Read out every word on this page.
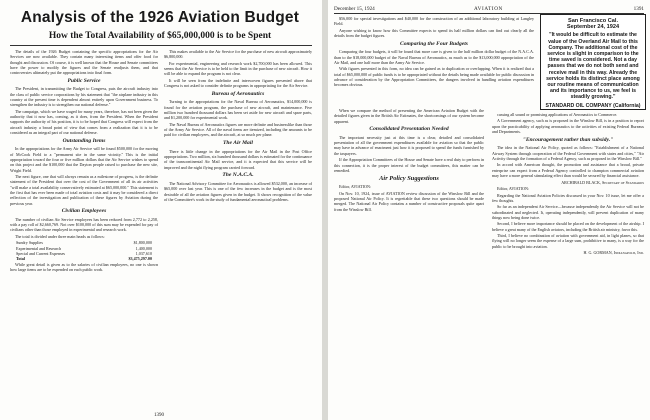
Analysis of the 1926 Aviation Budget
How the Total Availability of $65,000,000 is to be Spent

The details of the 1926 Budget containing the specific appropriations for the Air Services are now available. They contain many interesting items and offer food for thought and discussion. Of course, it is well known that the House and Senate committees have the power to modify the figures and the Senate readjusts them, and that controversies ultimately put the appropriations into final form.

Public Service

The President, in transmitting the Budget to Congress, puts the aircraft industry into the class of public service corporations by his statement that "the airplane industry in this country at the present time is dependent almost entirely upon Government business. To strengthen the industry is to strengthen our national defense."

The campaign, which we have waged for many years, therefore, has not been given the authority that it now has, coming, as it does, from the President. When the President supports the authority of his position, it is to be hoped that Congress will expect from the aircraft industry a broad point of view that comes from a realization that it is to be considered as an integral part of our national defense.

Outstanding Items

In the appropriations for the Army Air Service will be found $500,000 for the moving of McCook Field to a "permanent site in the same vicinity." This is the initial appropriation toward the four or five million dollars that the Air Service wishes to spend on this project and the $100,000 that the Dayton people raised to purchase the new site, Wright Field.

The next figure, one that will always remain as a milestone of progress, is the definite statement of the President that over the cost of the Government of all its air activities "will make a total availability conservatively estimated at $65,000,000." This statement is the first that has ever been made of total aviation costs and it may be considered a direct reflection of the investigation and publication of these figures by Aviation during the previous year.

Civilian Employees

The number of civilian Air Service employees has been reduced from 2,772 to 2,258, with a pay roll of $2,660,769. Not over $100,000 of this sum may be expended for pay of civilians other than those employed in experimental and research work.

The total is divided under three main heads as follows:

Sundry Supplies	$1,800,000
Experimental and Research	1,400,000
Special and Current Expenses	1,037,610
Total	$3,475,297.00

While great detail is given as to the salaries of civilian employees, no one is shown how large items are to be expended on each public work.

This makes available to the Air Service for the purchase of new aircraft approximately $6,800,000.

For experimental, engineering and research work $2,700,000 has been allowed. This seems that the Air Service is to be held to the limit in the purchase of new aircraft. How it will be able to expand the program is not clear.

It will be seen from the indefinite and interwoven figures presented above that Congress is not asked to consider definite programs in appropriating for the Air Service.

Bureau of Aeronautics

Turning to the appropriations for the Naval Bureau of Aeronautics, $14,000,000 is found for the aviation program, the purchase of new aircraft, and maintenance. Five million two hundred thousand dollars has been set aside for new aircraft and spare parts, and $1,200,000 for experimental work.

The Naval Bureau of Aeronautics figures are more definite and businesslike than those of the Army Air Service. All of the naval items are itemized, including the amounts to be paid for civilian employees, and the aircraft, at so much per plane.

The Air Mail

There is little change in the appropriations for the Air Mail in the Post Office appropriations. Two million, six hundred thousand dollars is estimated for the continuance of the transcontinental Air Mail service, and it is expected that this service will be improved and the night flying program carried forward.

The N.A.C.A.

The National Advisory Committee for Aeronautics is allowed $532,000, an increase of $65,000 over last year. This is one of the few increases in the budget and is the most desirable of all the aviation figures given in the budget. It shows recognition of the value of the Committee's work in the study of fundamental aeronautical problems.

1390
December 15, 1924	AVIATION	1391
San Francisco Cal.
September 24, 1924
"It would be difficult to estimate the value of the Overland Air Mail to this Company. The additional cost of the service is slight in comparison to the time saved is considered. Not a day passes that we do not both send and receive mail in this way. Already the service holds its distinct place among our routine means of communication and its importance to us, we feel is steadily growing."
STANDARD OIL COMPANY (California)

$56,000 for special investigations and $40,000 for the construction of an additional laboratory building at Langley Field.

Anyone wishing to know how this Committee expects to spend its half million dollars can find out clearly all the details from the budget figures.

Comparing the Four Budgets

Comparing the four budgets, it will be found that more care is given to the half million dollar budget of the N.A.C.A. than to the $18,000,000 budget of the Naval Bureau of Aeronautics, as much as to the $13,000,000 appropriation of the Air Mail, and one half more than the Army Air Service.

With figures presented in this form, no idea can be gained as to duplication or overlapping. When it is realized that a total of $65,000,000 of public funds is to be appropriated without the details being made available for public discussion in advance of consideration by the Appropriation Committees, the dangers involved in handling aviation expenditures becomes obvious.

When we compare the method of presenting the American Aviation Budget with the detailed figures given in the British Air Estimates, the shortcomings of our system become apparent.

Consolidated Presentation Needed

The important necessity just at this time is a clear, detailed and consolidated presentation of all the government expenditures available for aviation so that the public may have in advance of enactment just how it is proposed to spend the funds furnished by the taxpayers.

If the Appropriation Committees of the House and Senate have a real duty to perform in this connection, it is the proper interest of the budget committees, this matter can be remedied.

Air Policy Suggestions

Editor, AVIATION:

On Nov. 10, 1924, issue of AVIATION review discussion of the Winslow Bill and the proposed National Air Policy. It is regrettable that these two questions should be made merged. The National Air Policy contains a number of constructive proposals quite apart from the Winslow Bill.

cussing all sound or promising applications of Aeronautics to Commerce.

A Government agency, such as is proposed in the Winslow Bill, is in a position to report upon the practicability of applying aeronautics to the activities of existing Federal Bureaus and Departments.

"Encouragement rather than subsidy."

The idea in the National Air Policy, quoted as follows: "Establishment of a National Airway System through cooperation of the Federal Government with states and cities," "Air Activity through the formation of a Federal Agency, such as proposed in the Winslow Bill."

In accord with American thought, the promotion and assistance that a broad, private enterprise can expect from a Federal Agency controlled to champion commercial aviation may have a more general stimulating effect than would be secured by financial assistance.

ARCHIBALD BLACK, Secretary of Standards

Editor, AVIATION:

Regarding the National Aviation Policies discussed in your Nov. 10 issue, let me offer a few thoughts.

So far as an independent Air Service—because independently the Air Service will not be subordinated and neglected. It, operating independently, will prevent duplication of many things now being done twice.

Second, I believe more importance should be placed on the development of the airship. I believe a great many of the English aviators, including the British air ministry, favor this.

Third, I believe no combination of aviation with government aid, in light planes, so that flying will no longer seem the expense of a large sum, prohibitive to many, is a way for the public to be brought into aviation.

H. G. GORMAN, Indianapolis, Ind.
